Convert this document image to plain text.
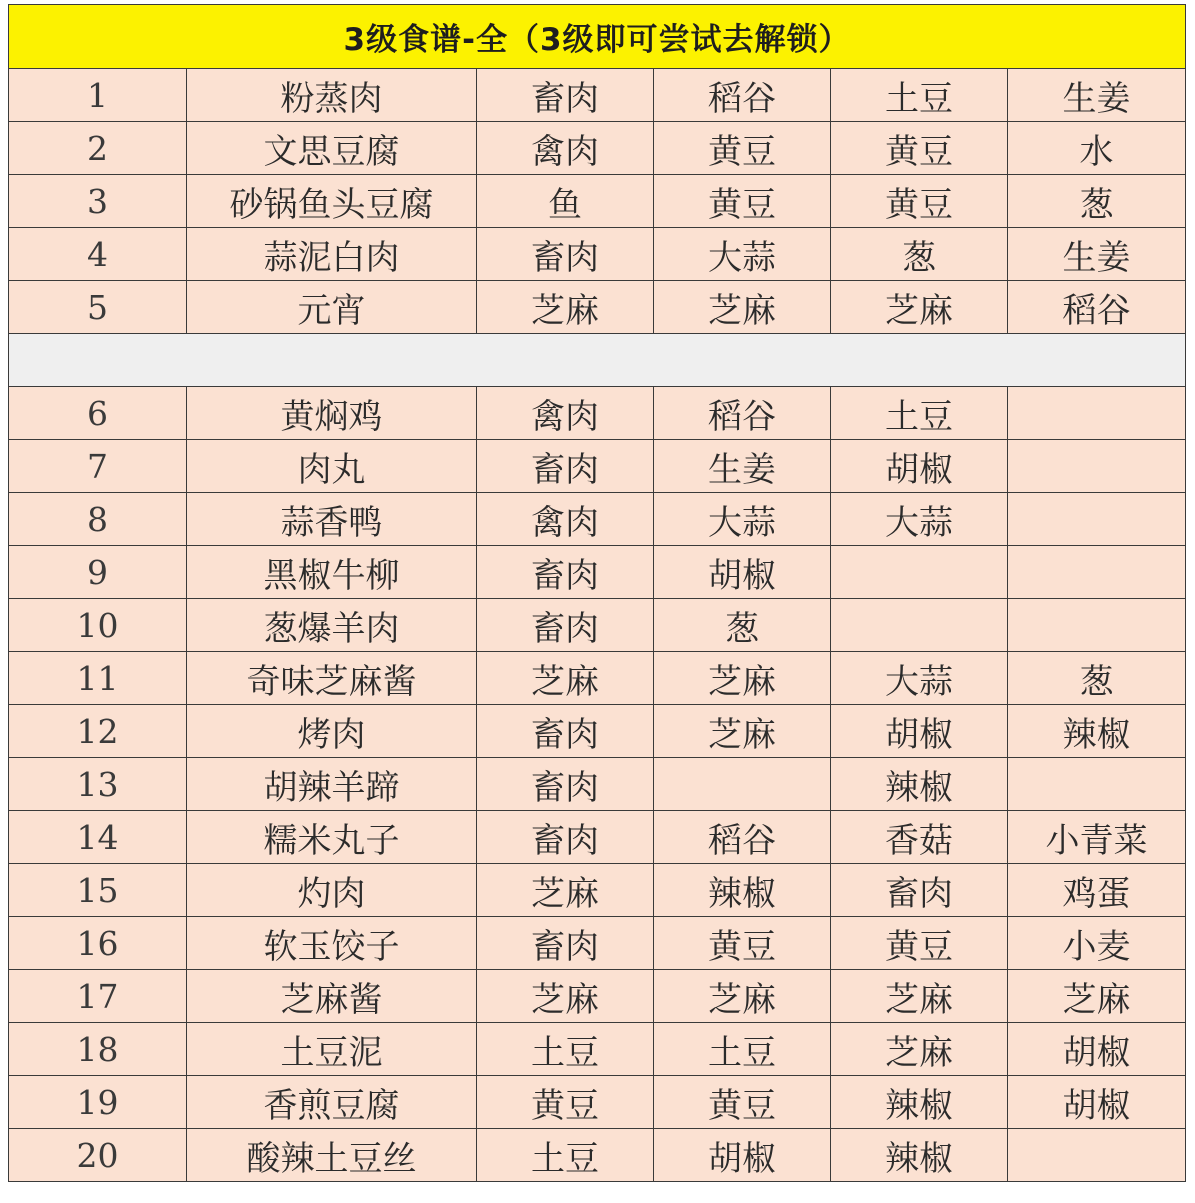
3级食谱-全（3级即可尝试去解锁）					
1	粉蒸肉	畜肉	稻谷	土豆	生姜
2	文思豆腐	禽肉	黄豆	黄豆	水
3	砂锅鱼头豆腐	鱼	黄豆	黄豆	葱
4	蒜泥白肉	畜肉	大蒜	葱	生姜
5	元宵	芝麻	芝麻	芝麻	稻谷

6	黄焖鸡	禽肉	稻谷	土豆	
7	肉丸	畜肉	生姜	胡椒	
8	蒜香鸭	禽肉	大蒜	大蒜	
9	黑椒牛柳	畜肉	胡椒		
10	葱爆羊肉	畜肉	葱		
11	奇味芝麻酱	芝麻	芝麻	大蒜	葱
12	烤肉	畜肉	芝麻	胡椒	辣椒
13	胡辣羊蹄	畜肉		辣椒	
14	糯米丸子	畜肉	稻谷	香菇	小青菜
15	灼肉	芝麻	辣椒	畜肉	鸡蛋
16	软玉饺子	畜肉	黄豆	黄豆	小麦
17	芝麻酱	芝麻	芝麻	芝麻	芝麻
18	土豆泥	土豆	土豆	芝麻	胡椒
19	香煎豆腐	黄豆	黄豆	辣椒	胡椒
20	酸辣土豆丝	土豆	胡椒	辣椒	
